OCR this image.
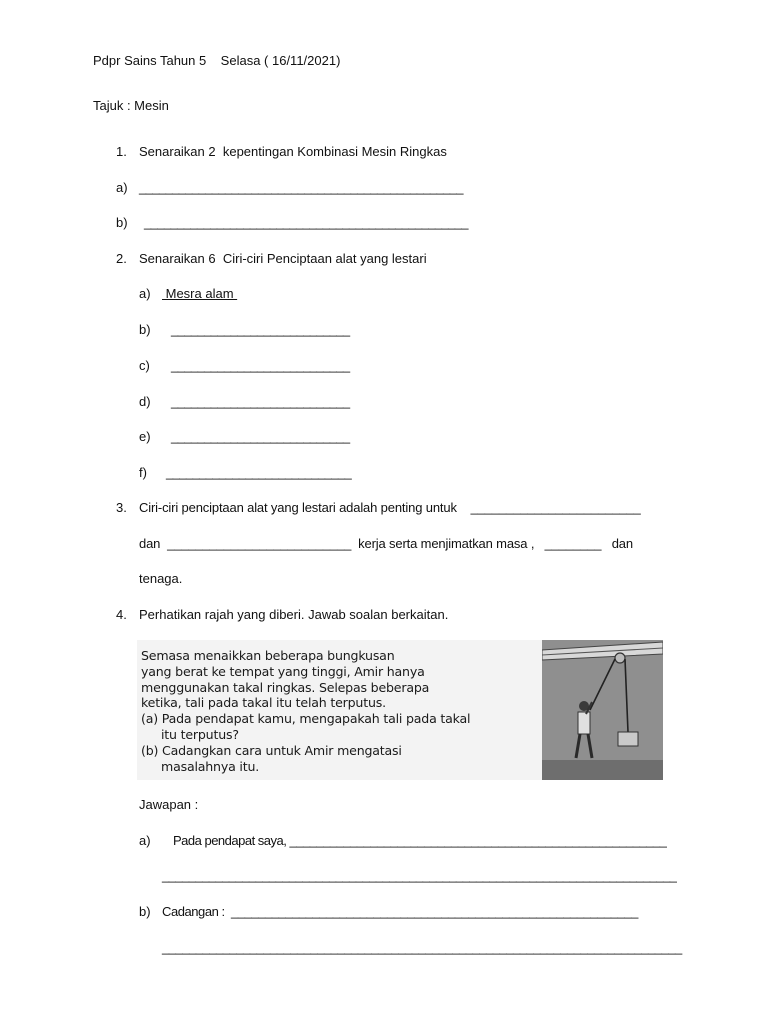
Pdpr Sains Tahun 5    Selasa ( 16/11/2021)
Tajuk : Mesin
1. Senaraikan 2  kepentingan Kombinasi Mesin Ringkas
a) _________________________________________________
b) _________________________________________________
2. Senaraikan 6  Ciri-ciri Penciptaan alat yang lestari
a) Mesra alam
b) ___________________________
c) ___________________________
d) ___________________________
e) ___________________________
f) ____________________________
3. Ciri-ciri penciptaan alat yang lestari adalah penting untuk    ________________________
dan  __________________________  kerja serta menjimatkan masa ,   ________   dan
tenaga.
4. Perhatikan rajah yang diberi. Jawab soalan berkaitan.
Semasa menaikkan beberapa bungkusan
yang berat ke tempat yang tinggi, Amir hanya
menggunakan takal ringkas. Selepas beberapa
ketika, tali pada takal itu telah terputus.
(a) Pada pendapat kamu, mengapakah tali pada takal
itu terputus?
(b) Cadangkan cara untuk Amir mengatasi
masalahnya itu.
Jawapan :
a) Pada pendapat saya, ________________________________________________________
_____________________________________________________________________________
b) Cadangan :  ____________________________________________________________
_____________________________________________________________________________
